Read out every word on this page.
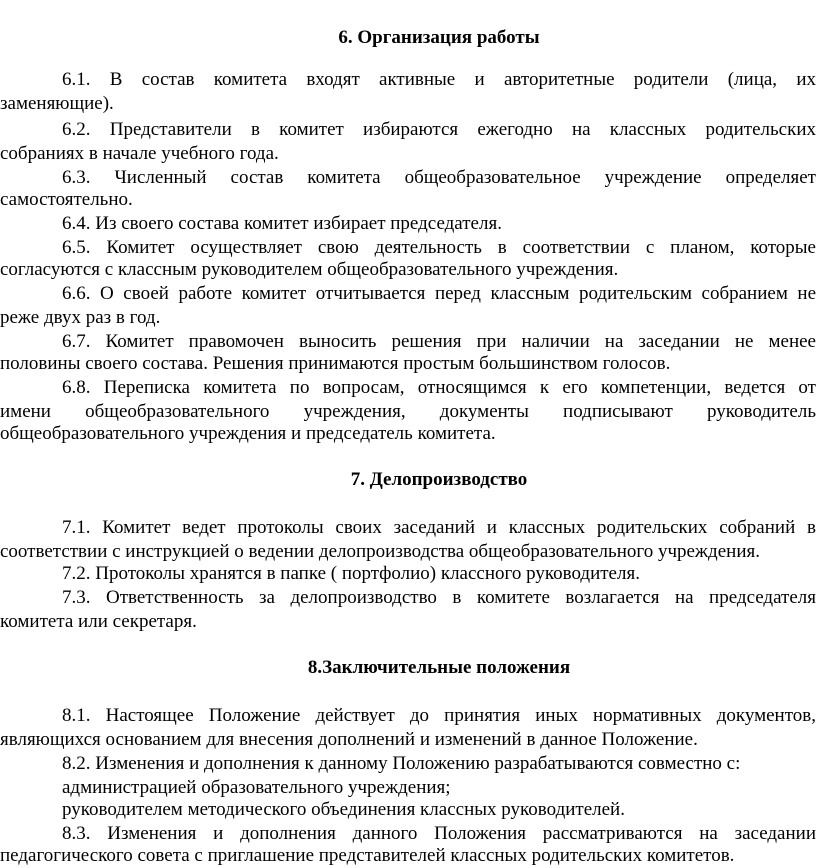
6. Организация работы
6.1. В состав комитета входят активные и авторитетные родители (лица, их
заменяющие).
6.2. Представители в комитет избираются ежегодно на классных родительских
собраниях в начале учебного года.
6.3. Численный состав комитета общеобразовательное учреждение определяет
самостоятельно.
6.4. Из своего состава комитет избирает председателя.
6.5. Комитет осуществляет свою деятельность в соответствии с планом, которые
согласуются с классным руководителем общеобразовательного учреждения.
6.6. О своей работе комитет отчитывается перед классным родительским собранием не
реже двух раз в год.
6.7. Комитет правомочен выносить решения при наличии на заседании не менее
половины своего состава. Решения принимаются простым большинством голосов.
6.8. Переписка комитета по вопросам, относящимся к его компетенции, ведется от
имени общеобразовательного учреждения, документы подписывают руководитель
общеобразовательного учреждения и председатель комитета.
7. Делопроизводство
7.1. Комитет ведет протоколы своих заседаний и классных родительских собраний в
соответствии с инструкцией о ведении делопроизводства общеобразовательного учреждения.
7.2. Протоколы хранятся в папке ( портфолио) классного руководителя.
7.3. Ответственность за делопроизводство в комитете возлагается на председателя
комитета или секретаря.
8.Заключительные положения
8.1. Настоящее Положение действует до принятия иных нормативных документов,
являющихся основанием для внесения дополнений и изменений в данное Положение.
8.2. Изменения и дополнения к данному Положению разрабатываются совместно с:
администрацией образовательного учреждения;
руководителем методического объединения классных руководителей.
8.3. Изменения и дополнения данного Положения рассматриваются на заседании
педагогического совета с приглашение представителей классных родительских комитетов.
